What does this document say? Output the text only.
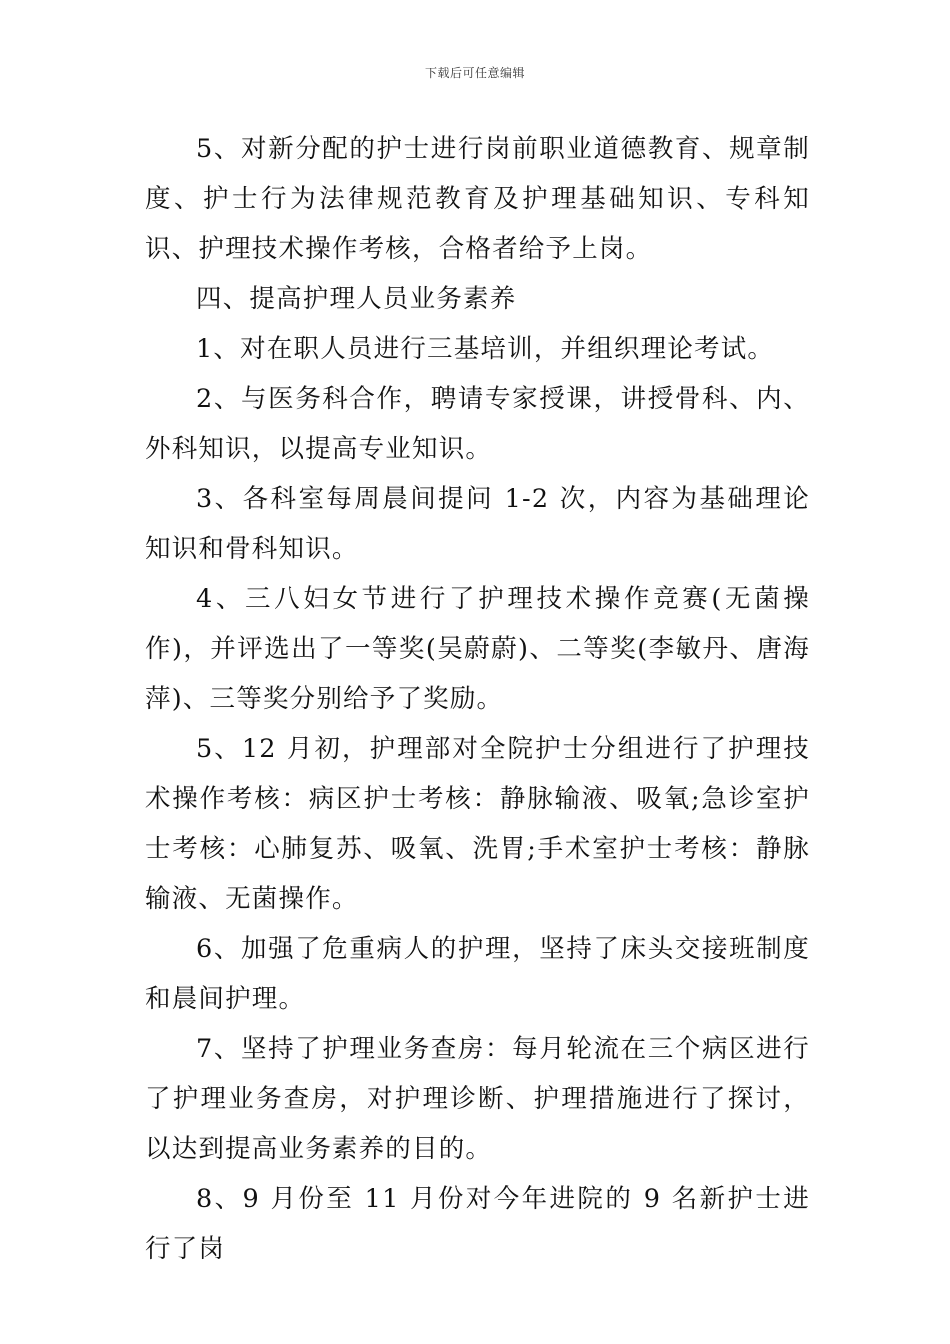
下载后可任意编辑

5、对新分配的护士进行岗前职业道德教育、规章制度、护士行为法律规范教育及护理基础知识、专科知识、护理技术操作考核，合格者给予上岗。

四、提高护理人员业务素养

1、对在职人员进行三基培训，并组织理论考试。

2、与医务科合作，聘请专家授课，讲授骨科、内、外科知识，以提高专业知识。

3、各科室每周晨间提问 1-2 次，内容为基础理论知识和骨科知识。

4、三八妇女节进行了护理技术操作竞赛(无菌操作)，并评选出了一等奖(吴蔚蔚)、二等奖(李敏丹、唐海萍)、三等奖分别给予了奖励。

5、12 月初，护理部对全院护士分组进行了护理技术操作考核：病区护士考核：静脉输液、吸氧;急诊室护士考核：心肺复苏、吸氧、洗胃;手术室护士考核：静脉输液、无菌操作。

6、加强了危重病人的护理，坚持了床头交接班制度和晨间护理。

7、坚持了护理业务查房：每月轮流在三个病区进行了护理业务查房，对护理诊断、护理措施进行了探讨，以达到提高业务素养的目的。

8、9 月份至 11 月份对今年进院的 9 名新护士进行了岗
